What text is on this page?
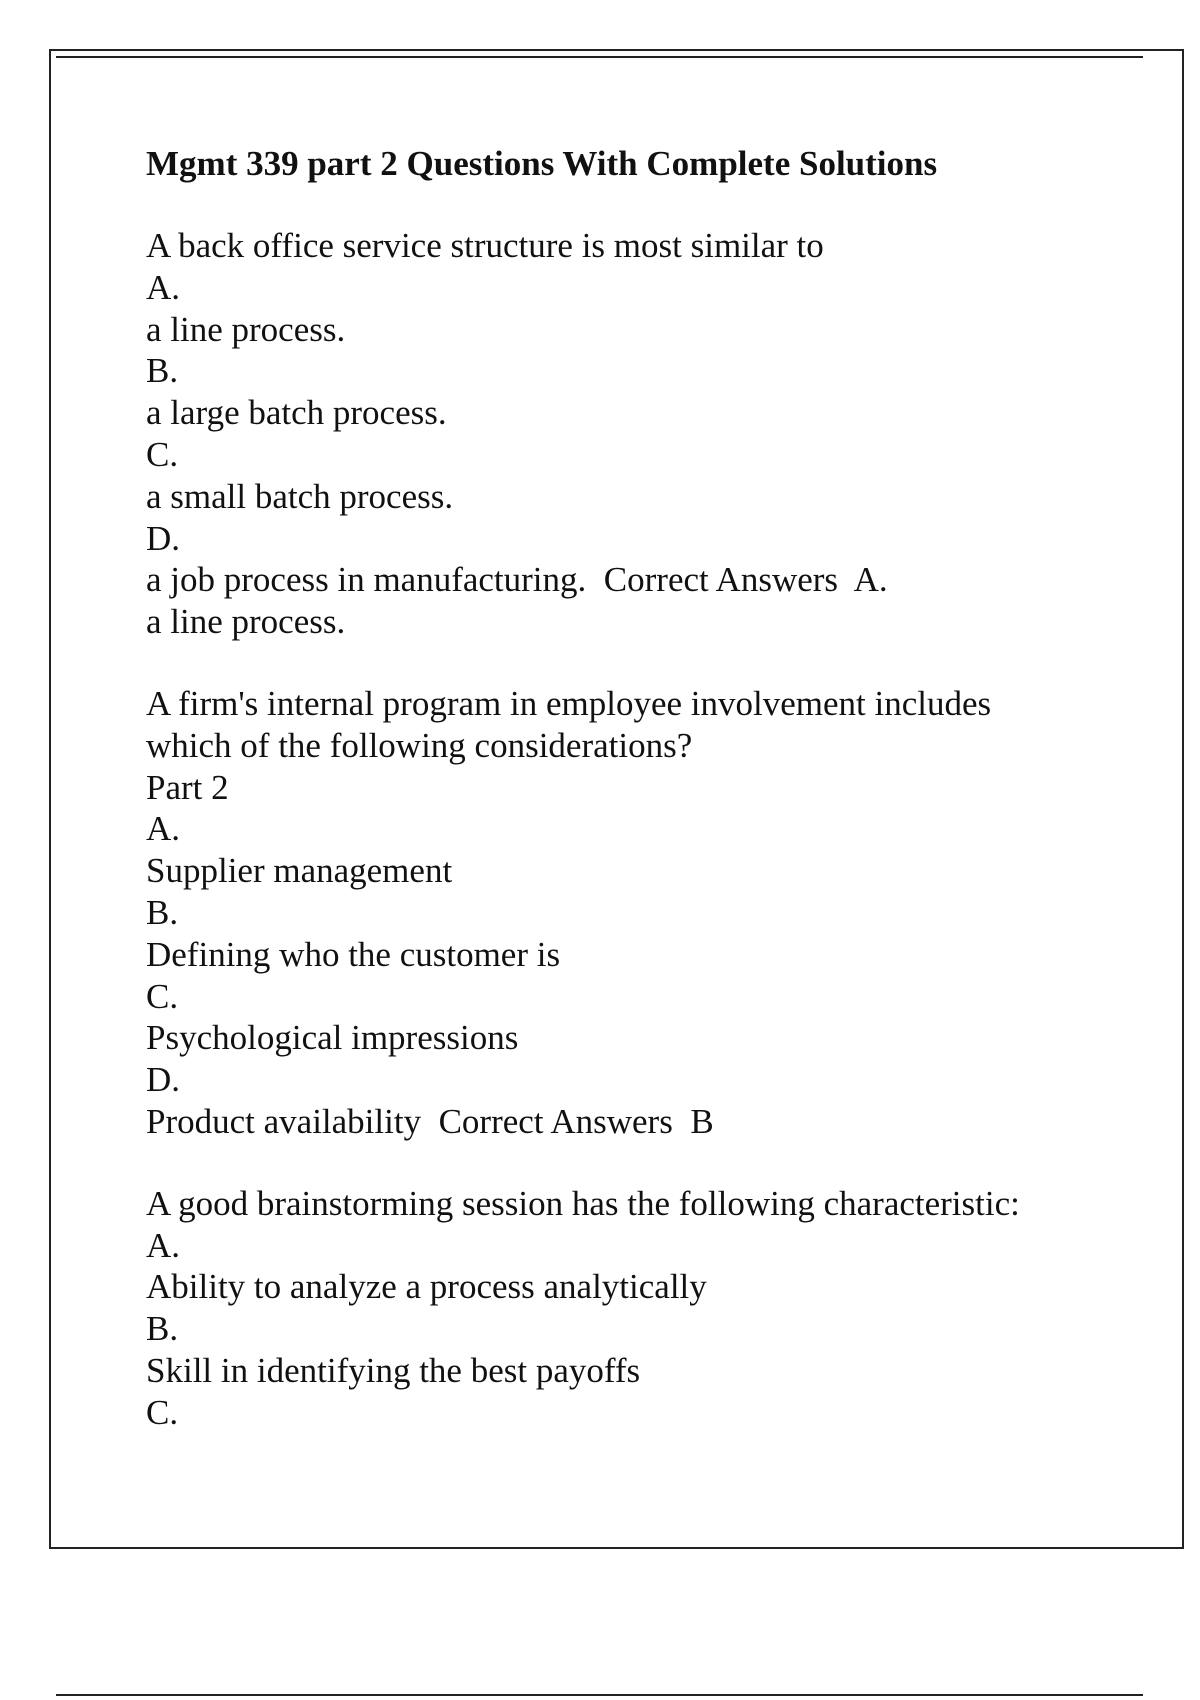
Mgmt 339 part 2 Questions With Complete Solutions
A back office service structure is most similar to
A.
a line process.
B.
a large batch process.
C.
a small batch process.
D.
a job process in manufacturing.  Correct Answers  A.
a line process.
A firm's internal program in employee involvement includes
which of the following considerations?
Part 2
A.
Supplier management
B.
Defining who the customer is
C.
Psychological impressions
D.
Product availability  Correct Answers  B
A good brainstorming session has the following characteristic:
A.
Ability to analyze a process analytically
B.
Skill in identifying the best payoffs
C.
